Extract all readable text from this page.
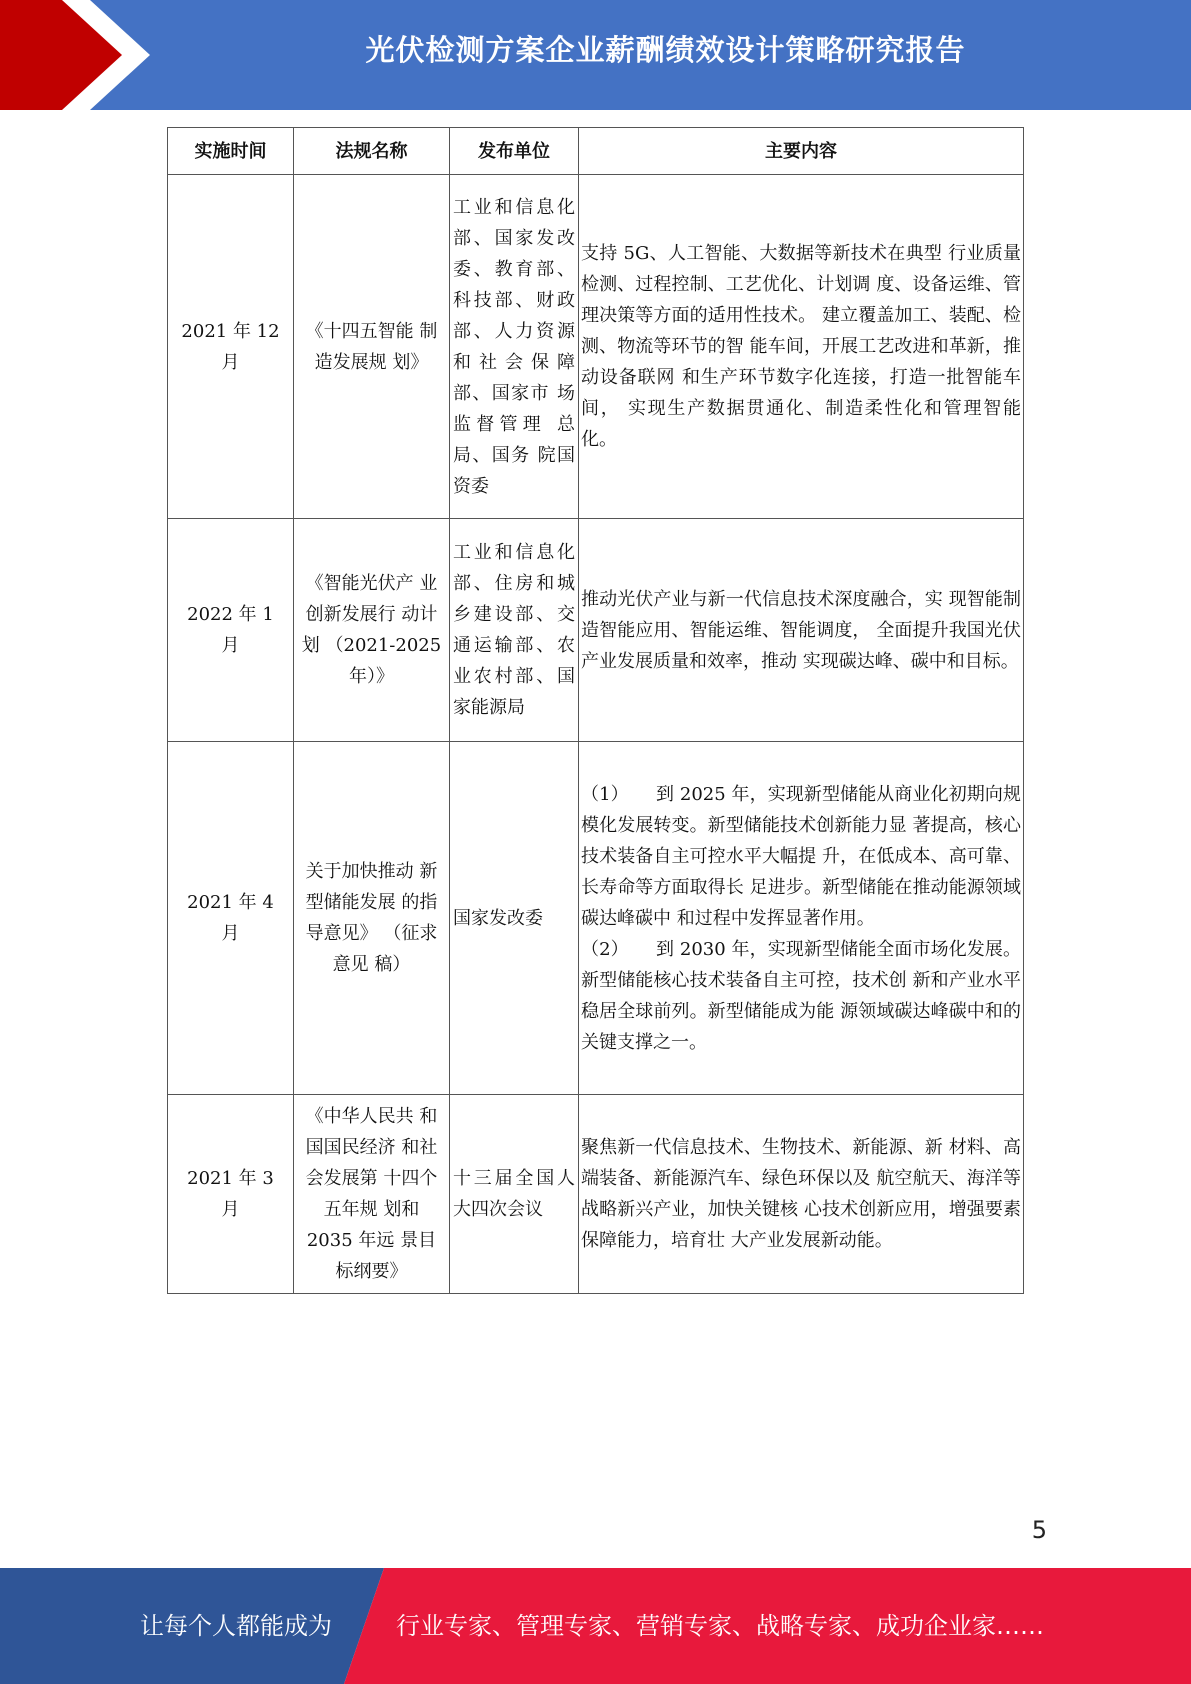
光伏检测方案企业薪酬绩效设计策略研究报告
实施时间	法规名称	发布单位	主要内容
2021 年 12 月	《十四五智能 制造发展规 划》	工业和信息化部、国家发改委、教育部、科技部、财政部、人力资源和社会保障 部、国家市 场监督管理 总局、国务 院国资委	支持 5G、人工智能、大数据等新技术在典型 行业质量检测、过程控制、工艺优化、计划调 度、设备运维、管理决策等方面的适用性技术。 建立覆盖加工、装配、检测、物流等环节的智 能车间，开展工艺改进和革新，推动设备联网 和生产环节数字化连接，打造一批智能车间， 实现生产数据贯通化、制造柔性化和管理智能 化。

2022 年 1 月	《智能光伏产 业创新发展行 动计划 （2021-2025 年）》	工业和信息化部、住房和城乡建设部、交通运输部、农业农村部、国家能源局	推动光伏产业与新一代信息技术深度融合，实 现智能制造智能应用、智能运维、智能调度， 全面提升我国光伏产业发展质量和效率，推动 实现碳达峰、碳中和目标。

2021 年 4 月	关于加快推动 新型储能发展 的指导意见》 （征求意见 稿）	国家发改委	（1）　　到 2025 年，实现新型储能从商业化初期向规模化发展转变。新型储能技术创新能力显 著提高，核心技术装备自主可控水平大幅提 升，在低成本、高可靠、长寿命等方面取得长 足进步。新型储能在推动能源领域碳达峰碳中 和过程中发挥显著作用。
（2）　　到 2030 年，实现新型储能全面市场化发展。新型储能核心技术装备自主可控，技术创 新和产业水平稳居全球前列。新型储能成为能 源领域碳达峰碳中和的关键支撑之一。

2021 年 3 月	《中华人民共 和国国民经济 和社会发展第 十四个五年规 划和 2035 年远 景目标纲要》	十三届全国人大四次会议	聚焦新一代信息技术、生物技术、新能源、新 材料、高端装备、新能源汽车、绿色环保以及 航空航天、海洋等战略新兴产业，加快关键核 心技术创新应用，增强要素保障能力，培育壮 大产业发展新动能。
5
让每个人都能成为	行业专家、管理专家、营销专家、战略专家、成功企业家……
